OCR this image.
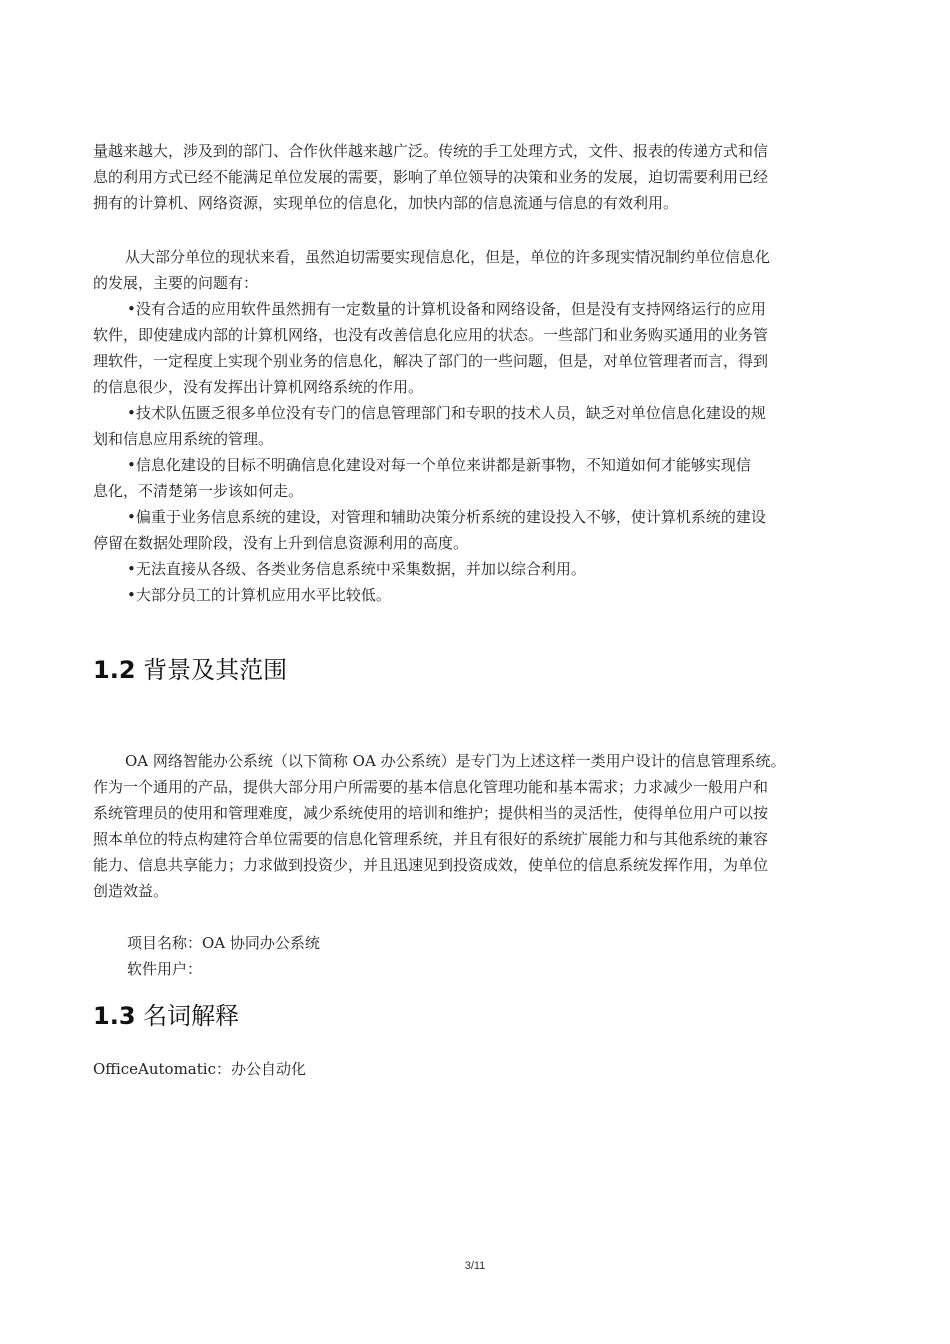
量越来越大，涉及到的部门、合作伙伴越来越广泛。传统的手工处理方式，文件、报表的传递方式和信

息的利用方式已经不能满足单位发展的需要，影响了单位领导的决策和业务的发展，迫切需要利用已经

拥有的计算机、网络资源，实现单位的信息化，加快内部的信息流通与信息的有效利用。

从大部分单位的现状来看，虽然迫切需要实现信息化，但是，单位的许多现实情况制约单位信息化

的发展，主要的问题有：

•没有合适的应用软件虽然拥有一定数量的计算机设备和网络设备，但是没有支持网络运行的应用

软件，即使建成内部的计算机网络，也没有改善信息化应用的状态。一些部门和业务购买通用的业务管

理软件，一定程度上实现个别业务的信息化，解决了部门的一些问题，但是，对单位管理者而言，得到

的信息很少，没有发挥出计算机网络系统的作用。

•技术队伍匮乏很多单位没有专门的信息管理部门和专职的技术人员，缺乏对单位信息化建设的规

划和信息应用系统的管理。

•信息化建设的目标不明确信息化建设对每一个单位来讲都是新事物，不知道如何才能够实现信

息化，不清楚第一步该如何走。

•偏重于业务信息系统的建设，对管理和辅助决策分析系统的建设投入不够，使计算机系统的建设

停留在数据处理阶段，没有上升到信息资源利用的高度。

•无法直接从各级、各类业务信息系统中采集数据，并加以综合利用。

•大部分员工的计算机应用水平比较低。

1.2 背景及其范围

OA 网络智能办公系统（以下简称 OA 办公系统）是专门为上述这样一类用户设计的信息管理系统。

作为一个通用的产品，提供大部分用户所需要的基本信息化管理功能和基本需求；力求减少一般用户和

系统管理员的使用和管理难度，减少系统使用的培训和维护；提供相当的灵活性，使得单位用户可以按

照本单位的特点构建符合单位需要的信息化管理系统，并且有很好的系统扩展能力和与其他系统的兼容

能力、信息共享能力；力求做到投资少，并且迅速见到投资成效，使单位的信息系统发挥作用，为单位

创造效益。

项目名称：OA 协同办公系统

软件用户：

1.3 名词解释

OfficeAutomatic：办公自动化

3/11
